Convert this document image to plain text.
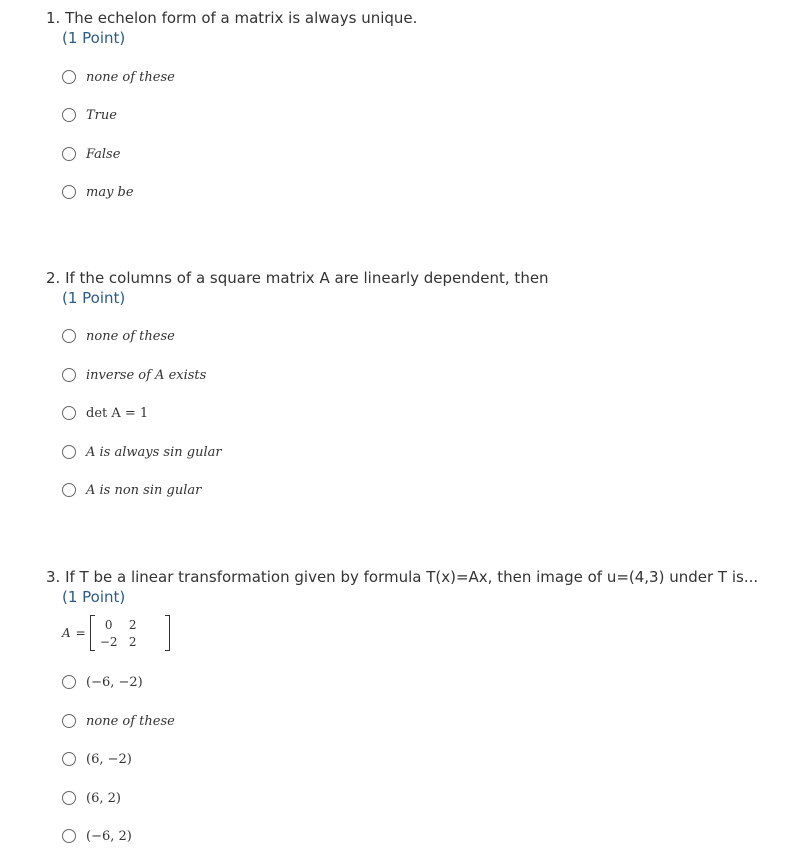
1. The echelon form of a matrix is always unique.
(1 Point)
none of these
True
False
may be
2. If the columns of a square matrix A are linearly dependent, then
(1 Point)
none of these
inverse of A exists
det A = 1
A is always sin gular
A is non sin gular
3. If T be a linear transformation given by formula T(x)=Ax, then image of u=(4,3) under T is...
(1 Point)
A =
0	2
−2 2
(−6, −2)
none of these
(6, −2)
(6, 2)
(−6, 2)
